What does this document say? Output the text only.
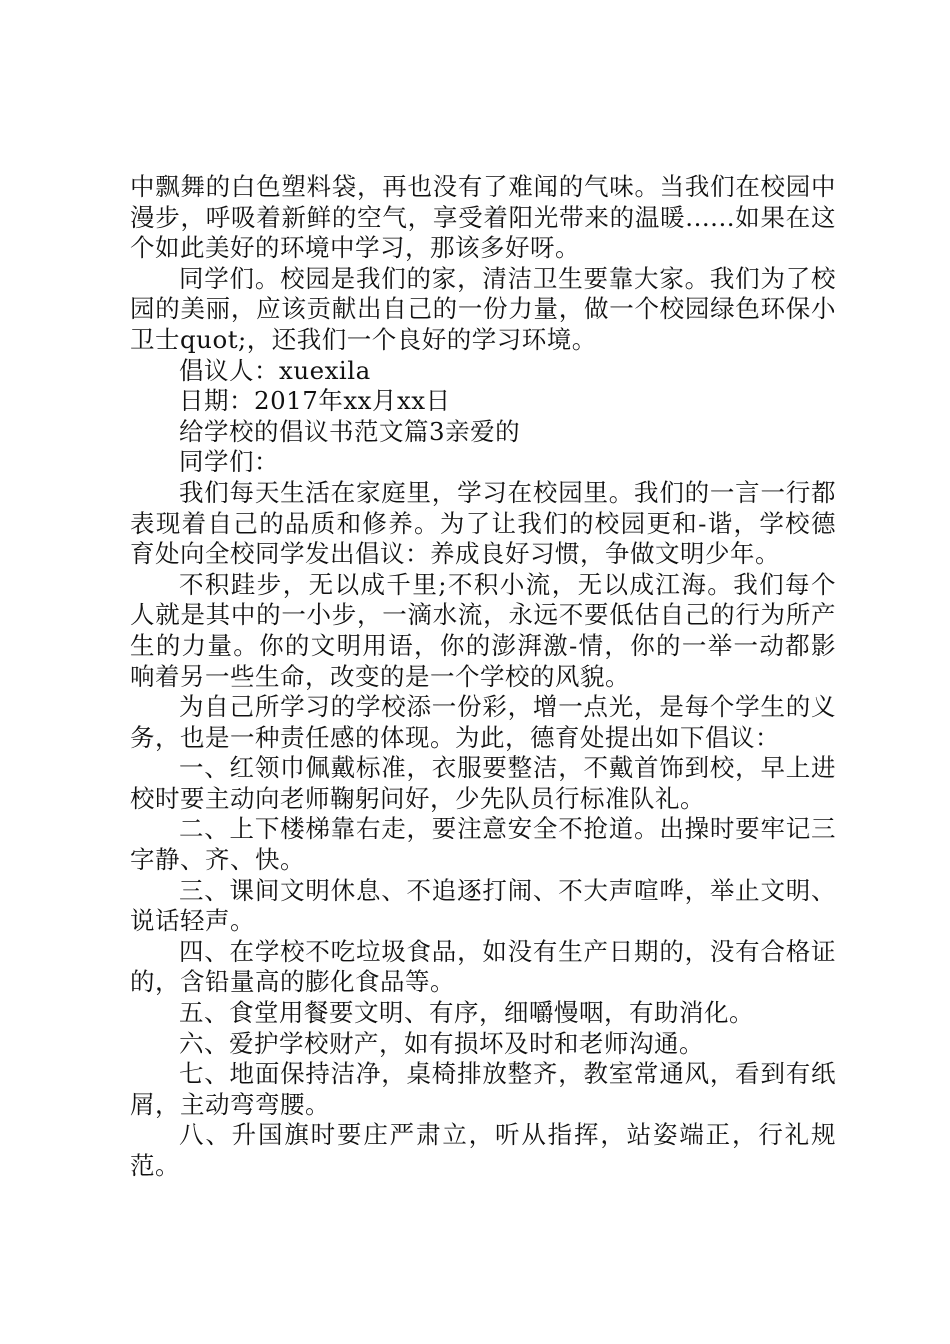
中飘舞的白色塑料袋，再也没有了难闻的气味。当我们在校园中漫步，呼吸着新鲜的空气，享受着阳光带来的温暖......如果在这个如此美好的环境中学习，那该多好呀。

同学们。校园是我们的家，清洁卫生要靠大家。我们为了校园的美丽，应该贡献出自己的一份力量，做一个校园绿色环保小卫士quot;，还我们一个良好的学习环境。

倡议人：xuexila

日期：2017年xx月xx日

给学校的倡议书范文篇3亲爱的

同学们：

我们每天生活在家庭里，学习在校园里。我们的一言一行都表现着自己的品质和修养。为了让我们的校园更和-谐，学校德育处向全校同学发出倡议：养成良好习惯，争做文明少年。

不积跬步，无以成千里;不积小流，无以成江海。我们每个人就是其中的一小步，一滴水流，永远不要低估自己的行为所产生的力量。你的文明用语，你的澎湃激-情，你的一举一动都影响着另一些生命，改变的是一个学校的风貌。

为自己所学习的学校添一份彩，增一点光，是每个学生的义务，也是一种责任感的体现。为此，德育处提出如下倡议：

一、红领巾佩戴标准，衣服要整洁，不戴首饰到校，早上进校时要主动向老师鞠躬问好，少先队员行标准队礼。

二、上下楼梯靠右走，要注意安全不抢道。出操时要牢记三字静、齐、快。

三、课间文明休息、不追逐打闹、不大声喧哗，举止文明、说话轻声。

四、在学校不吃垃圾食品，如没有生产日期的，没有合格证的，含铅量高的膨化食品等。

五、食堂用餐要文明、有序，细嚼慢咽，有助消化。

六、爱护学校财产，如有损坏及时和老师沟通。

七、地面保持洁净，桌椅排放整齐，教室常通风，看到有纸屑，主动弯弯腰。

八、升国旗时要庄严肃立，听从指挥，站姿端正，行礼规范。
